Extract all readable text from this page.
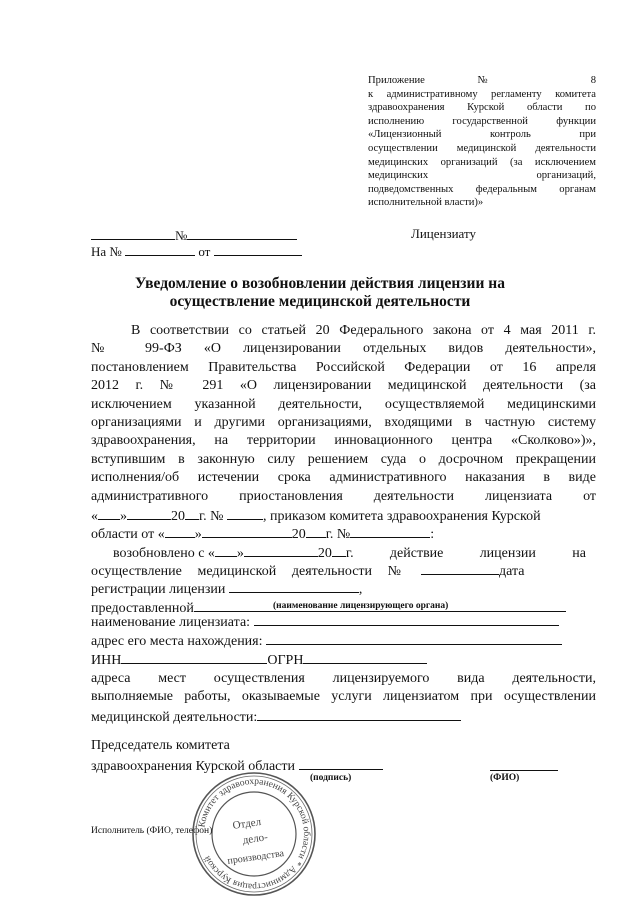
Приложение № 8
к административному регламенту комитета
здравоохранения Курской области по
исполнению государственной функции
«Лицензионный контроль при
осуществлении медицинской деятельности
медицинских организаций (за исключением
медицинских организаций,
подведомственных федеральным органам
исполнительной власти)»
№
На №	от
Лицензиату
Уведомление о возобновлении действия лицензии на
осуществление медицинской деятельности
В соответствии со статьей 20 Федерального закона от 4 мая 2011 г.
№ 99-ФЗ «О лицензировании отдельных видов деятельности»,
постановлением Правительства Российской Федерации от 16 апреля
2012 г. № 291 «О лицензировании медицинской деятельности (за
исключением указанной деятельности, осуществляемой медицинскими
организациями и другими организациями, входящими в частную систему
здравоохранения, на территории инновационного центра «Сколково»)»,
вступившим в законную силу решением суда о досрочном прекращении
исполнения/об истечении срока административного наказания в виде
административного приостановления деятельности лицензиата от
« »	20 г. №	, приказом комитета здравоохранения Курской
области от « »	20 г. №	:
возобновлено с « »	20 г. действие лицензии на
осуществление медицинской деятельности №	дата
регистрации лицензии	,
предоставленной	(наименование лицензирующего органа)
наименование лицензиата:
адрес его места нахождения:
ИНН	ОГРН
адреса мест осуществления лицензируемого вида деятельности,
выполняемые работы, оказываемые услуги лицензиатом при осуществлении
медицинской деятельности:
Председатель комитета
здравоохранения Курской области
(подпись)	(ФИО)
Исполнитель (ФИО, телефон)
Комитет здравоохранения Курской области * Администрация Курской
Отдел
дело-
производства
